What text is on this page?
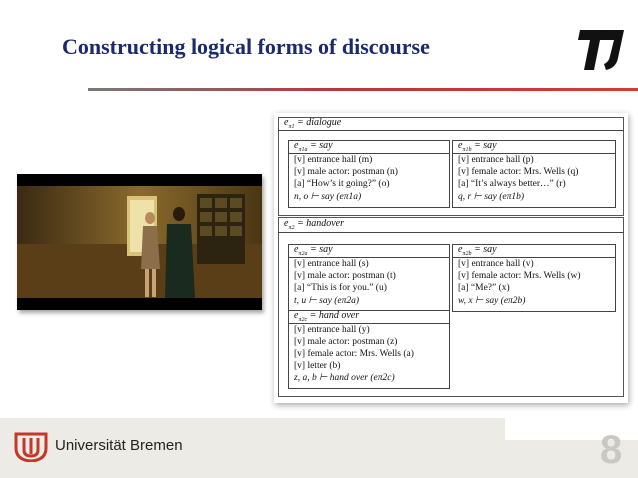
Constructing logical forms of discourse
$e_{\pi 1}$ = dialogue
$e_{\pi 1a}$ = say
[v] entrance hall (m)
[v] male actor: postman (n)
[a] “How’s it going?” (o)
n, o ⊢ say (eπ1a)
$e_{\pi 1b}$ = say
[v] entrance hall (p)
[v] female actor: Mrs. Wells (q)
[a] “It’s always better…” (r)
q, r ⊢ say (eπ1b)
$e_{\pi 2}$ = handover
$e_{\pi 2a}$ = say
[v] entrance hall (s)
[v] male actor: postman (t)
[a] “This is for you.” (u)
t, u ⊢ say (eπ2a)
$e_{\pi 2b}$ = say
[v] entrance hall (v)
[v] female actor: Mrs. Wells (w)
[a] “Me?” (x)
w, x ⊢ say (eπ2b)
$e_{\pi 2c}$ = hand over
[v] entrance hall (y)
[v] male actor: postman (z)
[v] female actor: Mrs. Wells (a)
[v] letter (b)
z, a, b ⊢ hand over (eπ2c)
Universität Bremen	8
